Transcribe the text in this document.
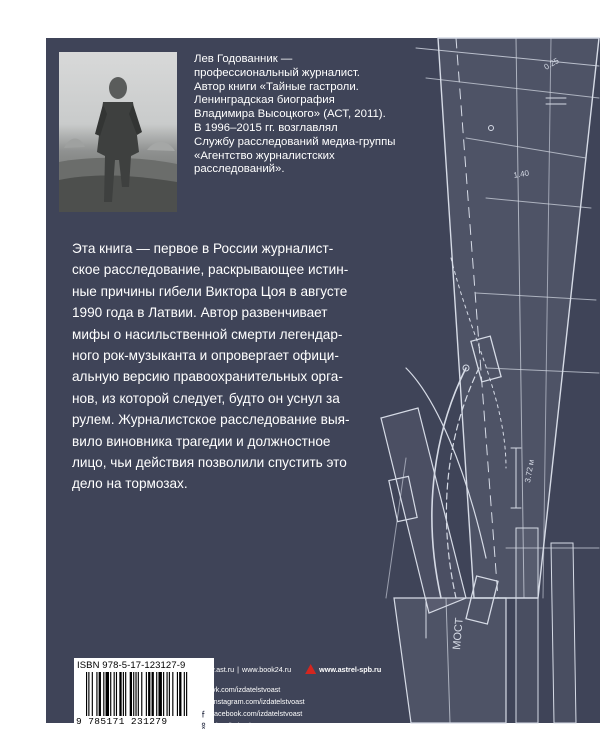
МОСТ
0.25
3.72 м
1.40
Лев Годованник —
профессиональный журналист.
Автор книги «Тайные гастроли.
Ленинградская биография
Владимира Высоцкого» (АСТ, 2011).
В 1996–2015 гг. возглавлял
Службу расследований медиа-группы
«Агентство журналистских
расследований».
Эта книга — первое в России журналист-
ское расследование, раскрывающее истин-
ные причины гибели Виктора Цоя в августе
1990 года в Латвии. Автор развенчивает
мифы о насильственной смерти легендар-
ного рок-музыканта и опровергает офици-
альную версию правоохранительных орга-
нов, из которой следует, будто он уснул за
рулем. Журналистское расследование выя-
вило виновника трагедии и должностное
лицо, чьи действия позволили спустить это
дело на тормозах.
ISBN 978-5-17-123127-9
9 785171 231279
www.ast.ru | www.book24.ru	www.astrel-spb.ru
vk.com/izdatelstvoast
instagram.com/izdatelstvoast
facebook.com/izdatelstvoast
ok.ru/izdatelstvoast
